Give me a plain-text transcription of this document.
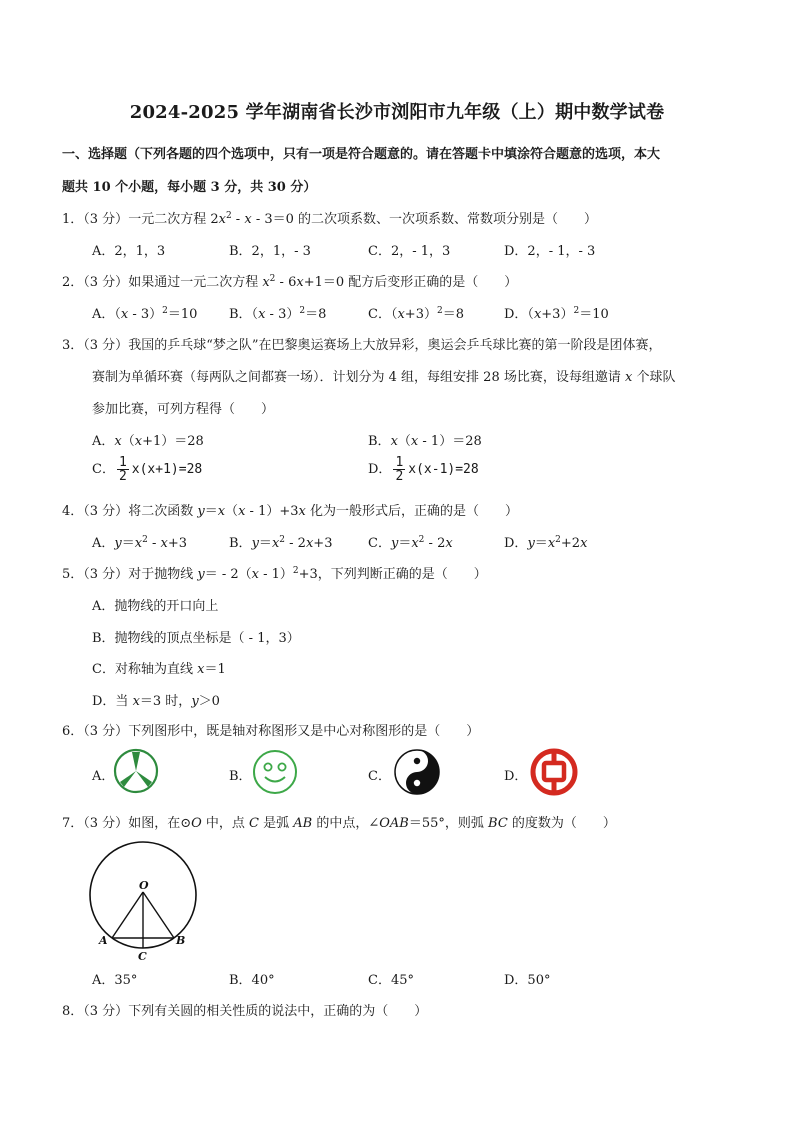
2024-2025 学年湖南省长沙市浏阳市九年级（上）期中数学试卷
一、选择题（下列各题的四个选项中，只有一项是符合题意的。请在答题卡中填涂符合题意的选项，本大
题共 10 个小题，每小题 3 分，共 30 分）
1．（3 分）一元二次方程 $2x^2 - x - 3=0$ 的二次项系数、一次项系数、常数项分别是（　　）
A．2，1，3	B．2，1，- 3	C．2，- 1，3	D．2，- 1，- 3
2．（3 分）如果通过一元二次方程 $x^2 - 6x+1=0$ 配方后变形正确的是（　　）
A．（x - 3）$^2$＝10 B．（x - 3）$^2$＝8	C．$(x+3)^2=8$	D．$(x+3)^2=10$
3．（3 分）我国的乒乓球“梦之队”在巴黎奥运赛场上大放异彩，奥运会乒乓球比赛的第一阶段是团体赛，
赛制为单循环赛（每两队之间都赛一场）．计划分为 4 组，每组安排 28 场比赛，设每组邀请 x 个球队
参加比赛，可列方程得（　　）
A．x（x+1）＝28	B．x（x - 1）＝28
C． $\frac{1}{2} x(x+1)=28$	D． $\frac{1}{2} x(x-1)=28$
4．（3 分）将二次函数 y＝x（x - 1）+3x 化为一般形式后，正确的是（　　）
A．$y=x^2 - x+3$	B．$y=x^2 - 2x+3$	C．$y=x^2 - 2x$	D．$y=x^2+2x$
5．（3 分）对于抛物线 y＝ - 2（x - 1）$^2$+3，下列判断正确的是（　　）
A．抛物线的开口向上
B．抛物线的顶点坐标是（ - 1，3）
C．对称轴为直线 x＝1
D．当 x＝3 时，y＞0
6．（3 分）下列图形中，既是轴对称图形又是中心对称图形的是（　　）
A．	B．	C．	D．
7．（3 分）如图，在⊙O 中，点 C 是弧 AB 的中点，∠OAB＝55°，则弧 BC 的度数为（　　）
O
A	B
C
A．35°	B．40°	C．45°	D．50°
8．（3 分）下列有关圆的相关性质的说法中，正确的为（　　）
